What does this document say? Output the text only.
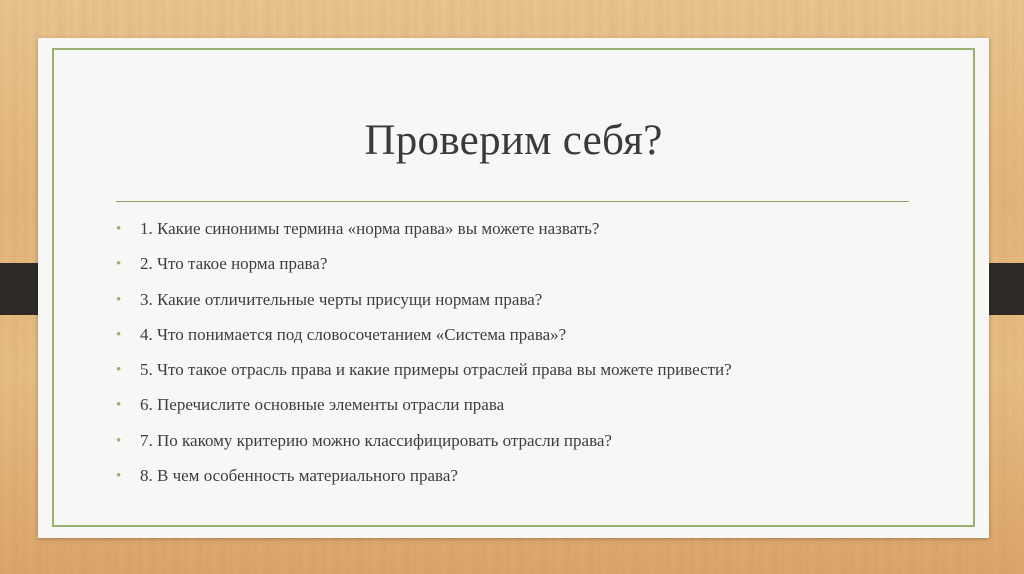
Проверим себя?
• 1. Какие синонимы термина «норма права» вы можете назвать?
• 2. Что такое норма права?
• 3. Какие отличительные черты присущи нормам права?
• 4. Что понимается под словосочетанием «Система права»?
• 5. Что такое отрасль права и какие примеры отраслей права вы можете привести?
• 6. Перечислите основные элементы отрасли права
• 7. По какому критерию можно классифицировать отрасли права?
• 8. В чем особенность материального права?
